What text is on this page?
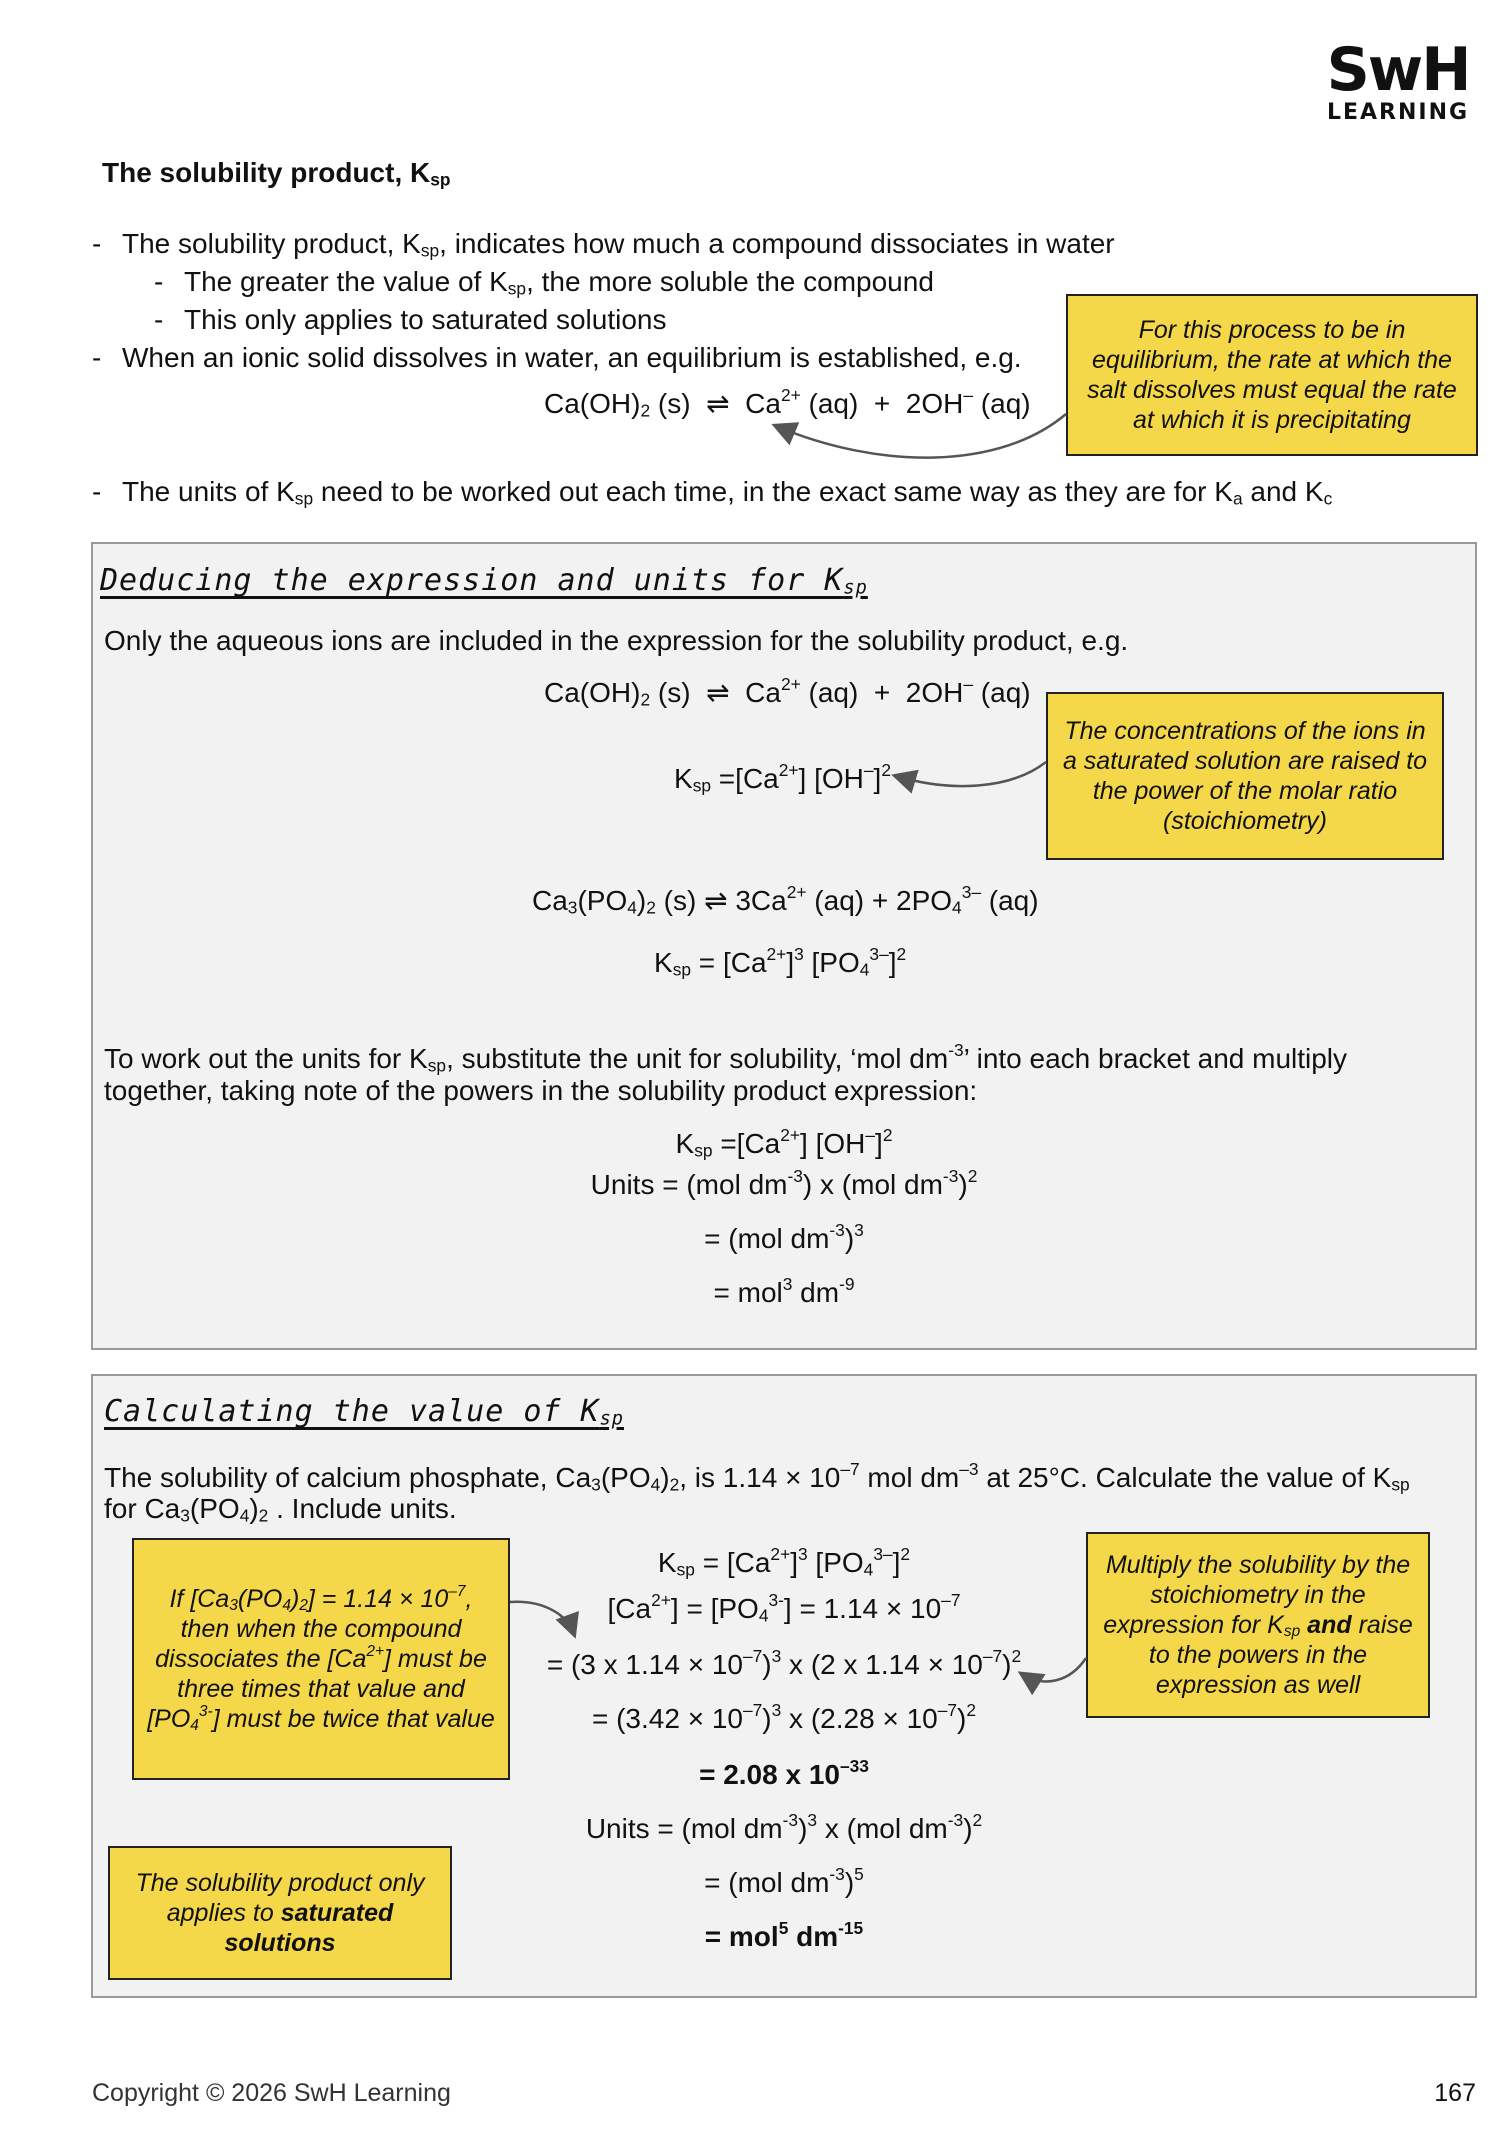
SwH
LEARNING
The solubility product, $K_{sp}$
- The solubility product, $K_{sp}$, indicates how much a compound dissociates in water
- The greater the value of $K_{sp}$, the more soluble the compound
- This only applies to saturated solutions
- When an ionic solid dissolves in water, an equilibrium is established, e.g.
$Ca(OH)_2$ (s) ⇌ $Ca^{2+}$ (aq) + 2OH– (aq)
For this process to be in equilibrium, the rate at which the salt dissolves must equal the rate at which it is precipitating
- The units of $K_{sp}$ need to be worked out each time, in the exact same way as they are for $K_a$ and $K_c$
Deducing the expression and units for $K_{sp}$
Only the aqueous ions are included in the expression for the solubility product, e.g.
$Ca(OH)_2$ (s) ⇌ $Ca^{2+}$ (aq) + 2OH– (aq)
$K_{sp} =[Ca^{2+}]$ $[OH^-]^2$
The concentrations of the ions in a saturated solution are raised to the power of the molar ratio (stoichiometry)
$Ca_3(PO_4)_2$ (s) ⇌ $3Ca^{2+}$ $(aq) + 2PO_4^{3-}$ (aq)
$K_{sp} = [Ca^{2+}]^3$ $[PO_4^{3-}]^2$
To work out the units for $K_{sp}$, substitute the unit for solubility, ‘mol $dm^{-3}$’ into each bracket and multiply
together, taking note of the powers in the solubility product expression:
$K_{sp} =[Ca^{2+}]$ $[OH^-]^2$
Units = (mol $dm^{-3}$) x (mol $dm^{-3})^2$
= (mol $dm^{-3})^3$
= mol$^3$ $dm^{-9}$
Calculating the value of $K_{sp}$
The solubility of calcium phosphate, $Ca_3(PO_4)_2$, is $1.14 \times 10^{-7}$ mol $dm^{-3}$ at 25°C. Calculate the value of $K_{sp}$
for $Ca_3(PO_4)_2$ . Include units.
If $[Ca_3(PO_4)_2] = 1.14 \times 10^{-7}$, then when the compound dissociates the $[Ca^{2+}]$ must be three times that value and $[PO_4^{3-}]$ must be twice that value
Multiply the solubility by the stoichiometry in the expression for $K_{sp}$ and raise to the powers in the expression as well
The solubility product only applies to saturated solutions
$K_{sp} = [Ca^{2+}]^3$ $[PO_4^{3-}]^2$
$[Ca^{2+}] = [PO_4^{3-}] = 1.14 \times 10^{-7}$
= (3 x $1.14 \times 10^{-7})^3$ x (2 x $1.14 \times 10^{-7})^2$
= $(3.42 \times 10^{-7})^3$ x $(2.28 \times 10^{-7})^2$
= 2.08 x $10^{-33}$
Units = (mol $dm^{-3})^3$ x (mol $dm^{-3})^2$
= (mol $dm^{-3})^5$
= mol$^5$ $dm^{-15}$
Copyright © 2026 SwH Learning	167
